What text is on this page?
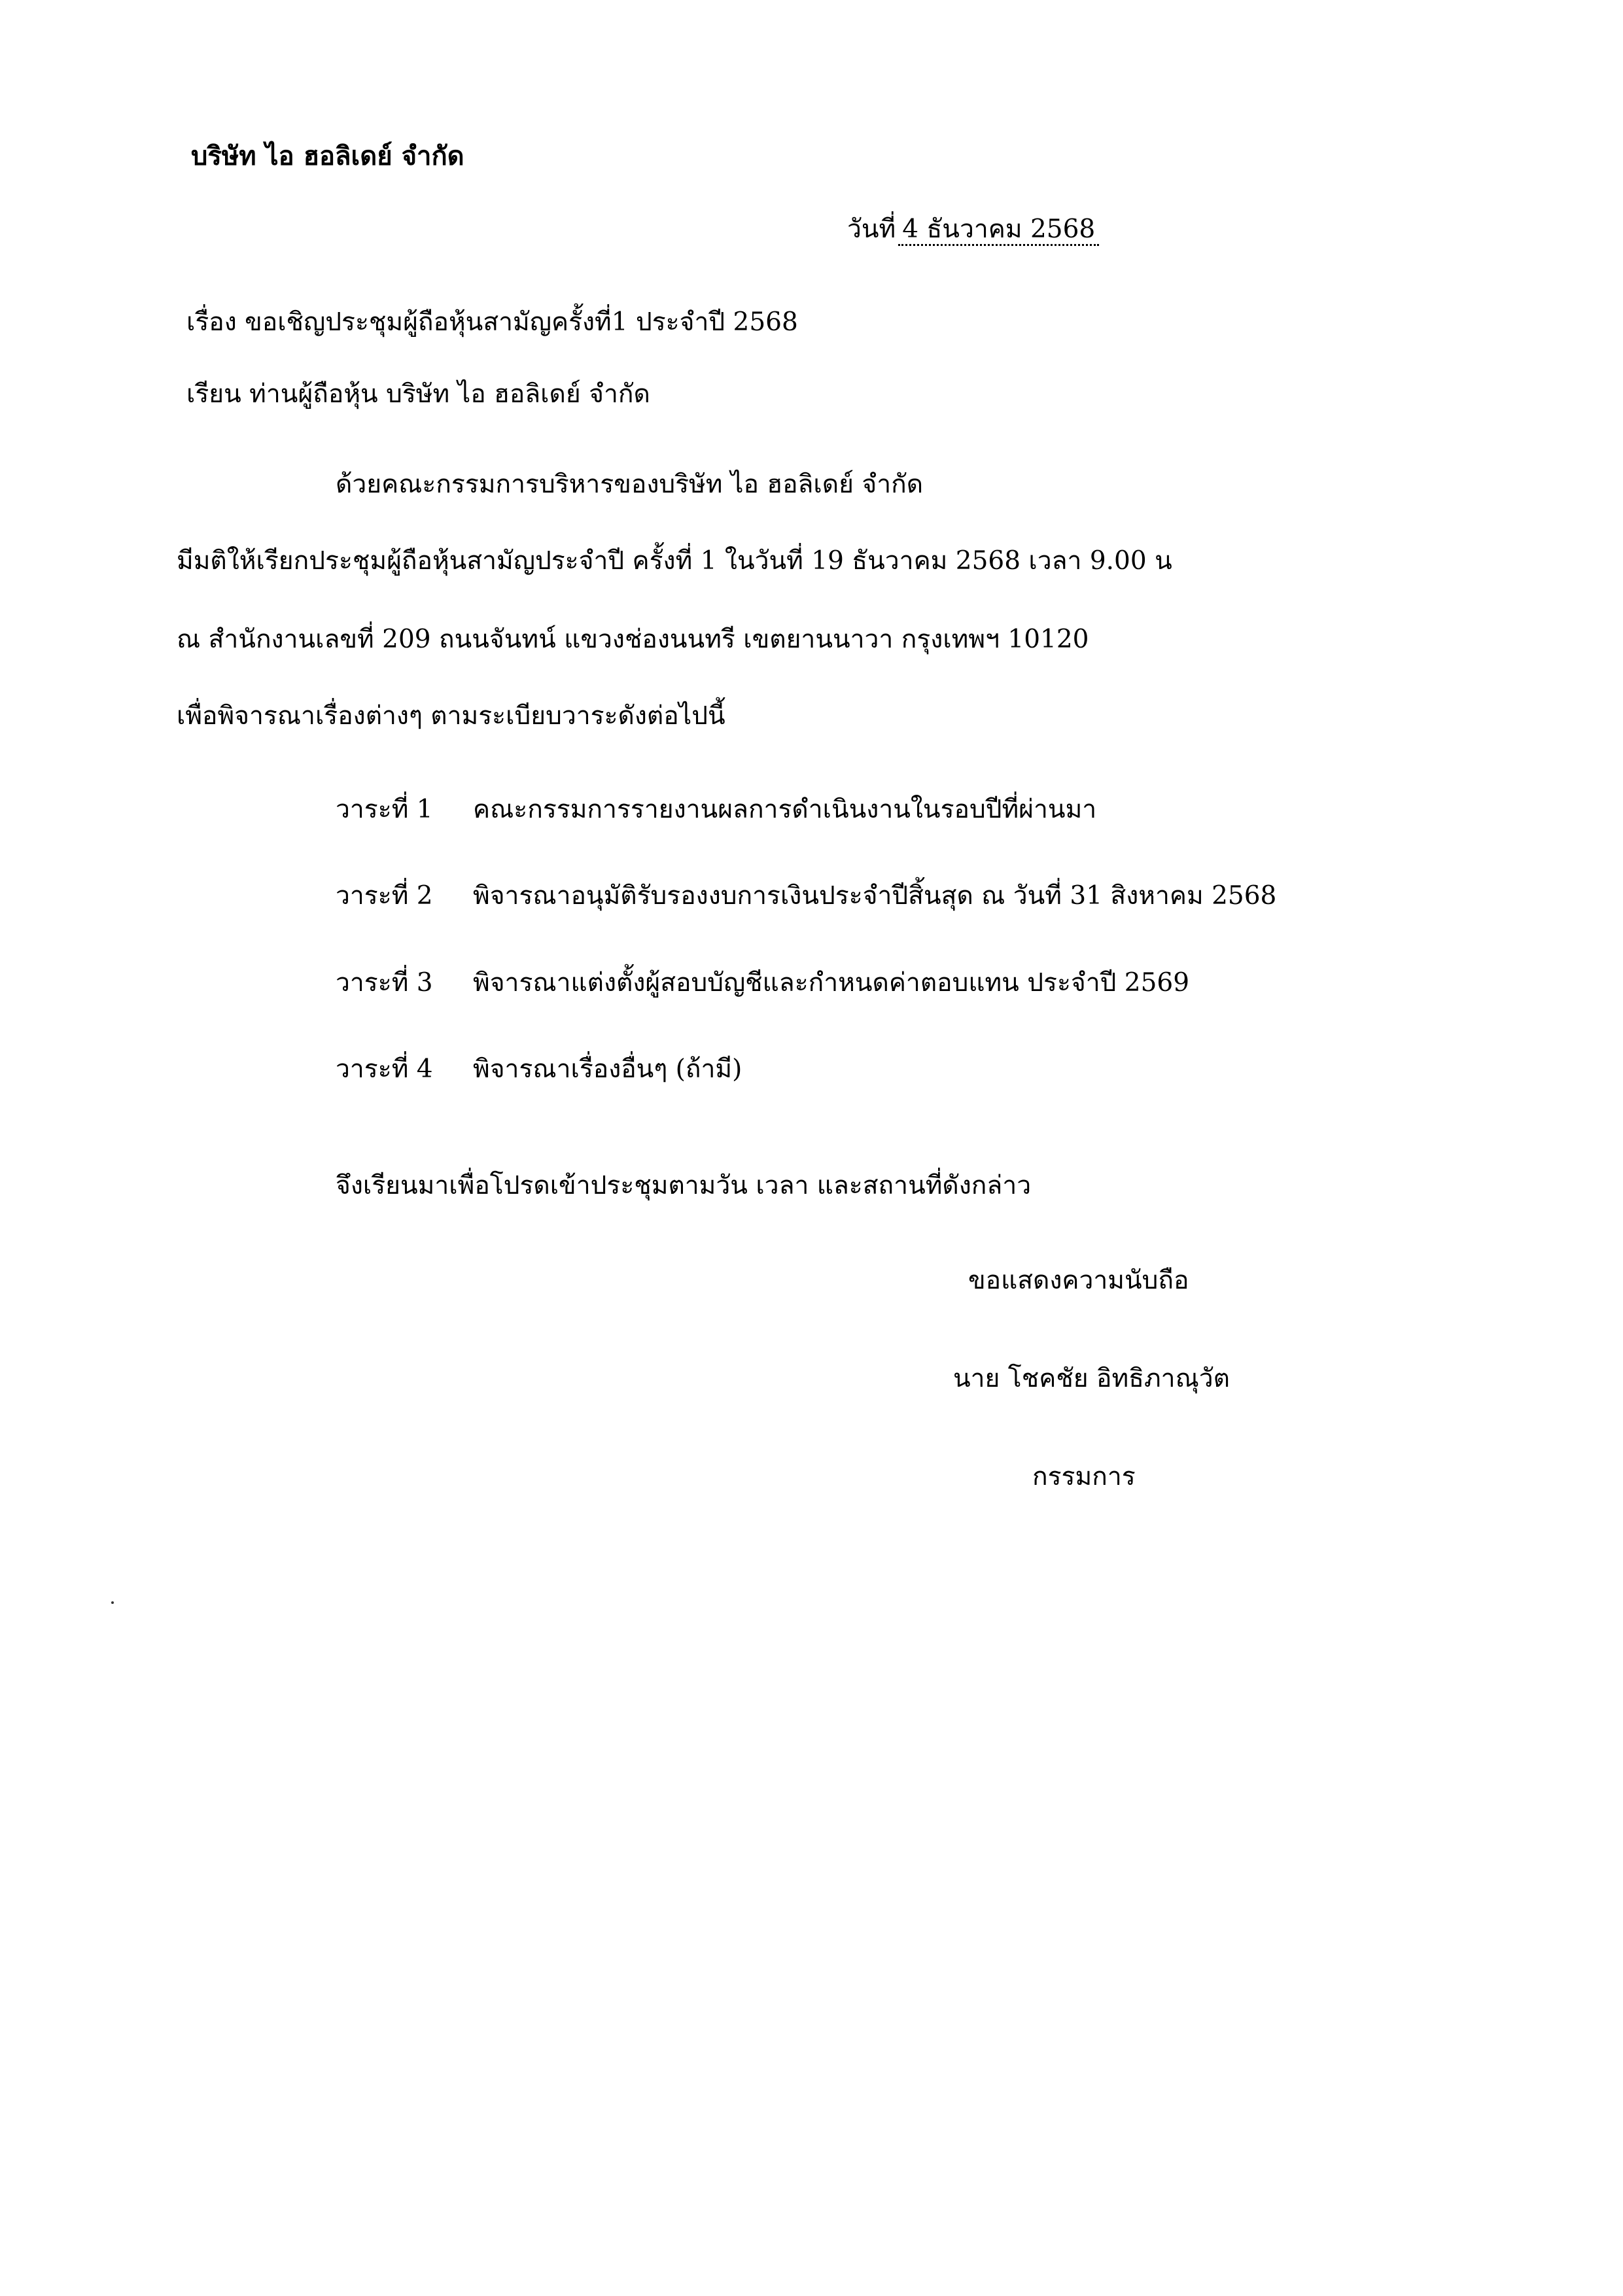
บริษัท ไอ ฮอลิเดย์ จำกัด
วันที่ 4 ธันวาคม 2568
เรื่อง ขอเชิญประชุมผู้ถือหุ้นสามัญครั้งที่1 ประจำปี 2568
เรียน ท่านผู้ถือหุ้น บริษัท ไอ ฮอลิเดย์ จำกัด
ด้วยคณะกรรมการบริหารของบริษัท ไอ ฮอลิเดย์ จำกัด
มีมติให้เรียกประชุมผู้ถือหุ้นสามัญประจำปี ครั้งที่ 1 ในวันที่ 19 ธันวาคม 2568 เวลา 9.00 น
ณ สำนักงานเลขที่ 209 ถนนจันทน์ แขวงช่องนนทรี เขตยานนาวา กรุงเทพฯ 10120
เพื่อพิจารณาเรื่องต่างๆ ตามระเบียบวาระดังต่อไปนี้
วาระที่ 1 คณะกรรมการรายงานผลการดำเนินงานในรอบปีที่ผ่านมา
วาระที่ 2 พิจารณาอนุมัติรับรองงบการเงินประจำปีสิ้นสุด ณ วันที่ 31 สิงหาคม 2568
วาระที่ 3 พิจารณาแต่งตั้งผู้สอบบัญชีและกำหนดค่าตอบแทน ประจำปี 2569
วาระที่ 4 พิจารณาเรื่องอื่นๆ (ถ้ามี)
จึงเรียนมาเพื่อโปรดเข้าประชุมตามวัน เวลา และสถานที่ดังกล่าว
ขอแสดงความนับถือ
นาย โชคชัย อิทธิภาณุวัต
กรรมการ
